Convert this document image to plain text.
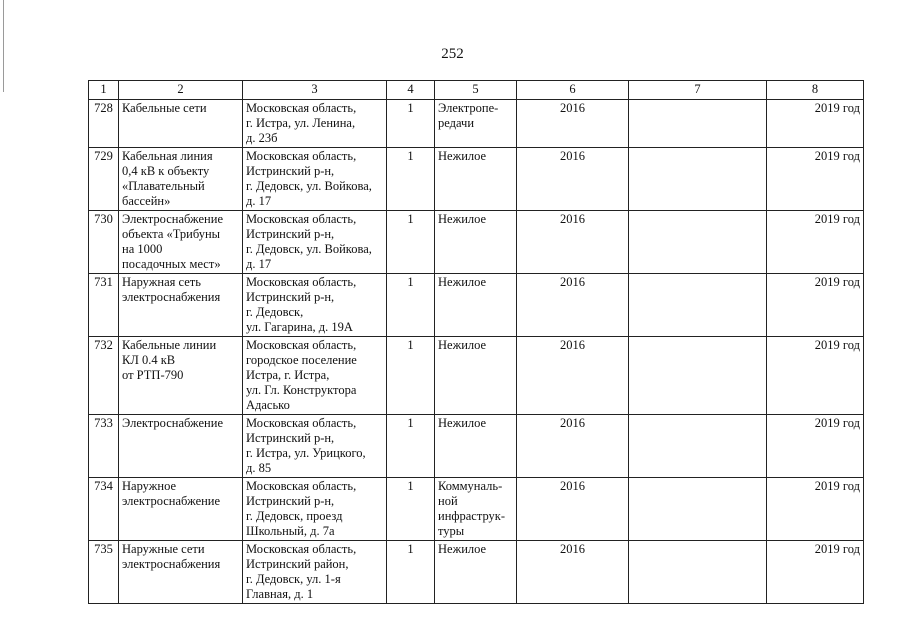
252
1	2	3	4	5	6	7	8
728	Кабельные сети	Московская область,
г. Истра, ул. Ленина,
д. 23б	1	Электропе-
редачи	2016		2019 год
729	Кабельная линия
0,4 кВ к объекту
«Плавательный
бассейн»	Московская область,
Истринский р-н,
г. Дедовск, ул. Войкова,
д. 17	1	Нежилое	2016		2019 год
730	Электроснабжение
объекта «Трибуны
на 1000
посадочных мест»	Московская область,
Истринский р-н,
г. Дедовск, ул. Войкова,
д. 17	1	Нежилое	2016		2019 год
731	Наружная сеть
электроснабжения	Московская область,
Истринский р-н,
г. Дедовск,
ул. Гагарина, д. 19А	1	Нежилое	2016		2019 год
732	Кабельные линии
КЛ 0.4 кВ
от РТП-790	Московская область,
городское поселение
Истра, г. Истра,
ул. Гл. Конструктора
Адасько	1	Нежилое	2016		2019 год
733	Электроснабжение	Московская область,
Истринский р-н,
г. Истра, ул. Урицкого,
д. 85	1	Нежилое	2016		2019 год
734	Наружное
электроснабжение	Московская область,
Истринский р-н,
г. Дедовск, проезд
Школьный, д. 7а	1	Коммуналь-
ной
инфраструк-
туры	2016		2019 год
735	Наружные сети
электроснабжения	Московская область,
Истринский район,
г. Дедовск, ул. 1-я
Главная, д. 1	1	Нежилое	2016		2019 год
